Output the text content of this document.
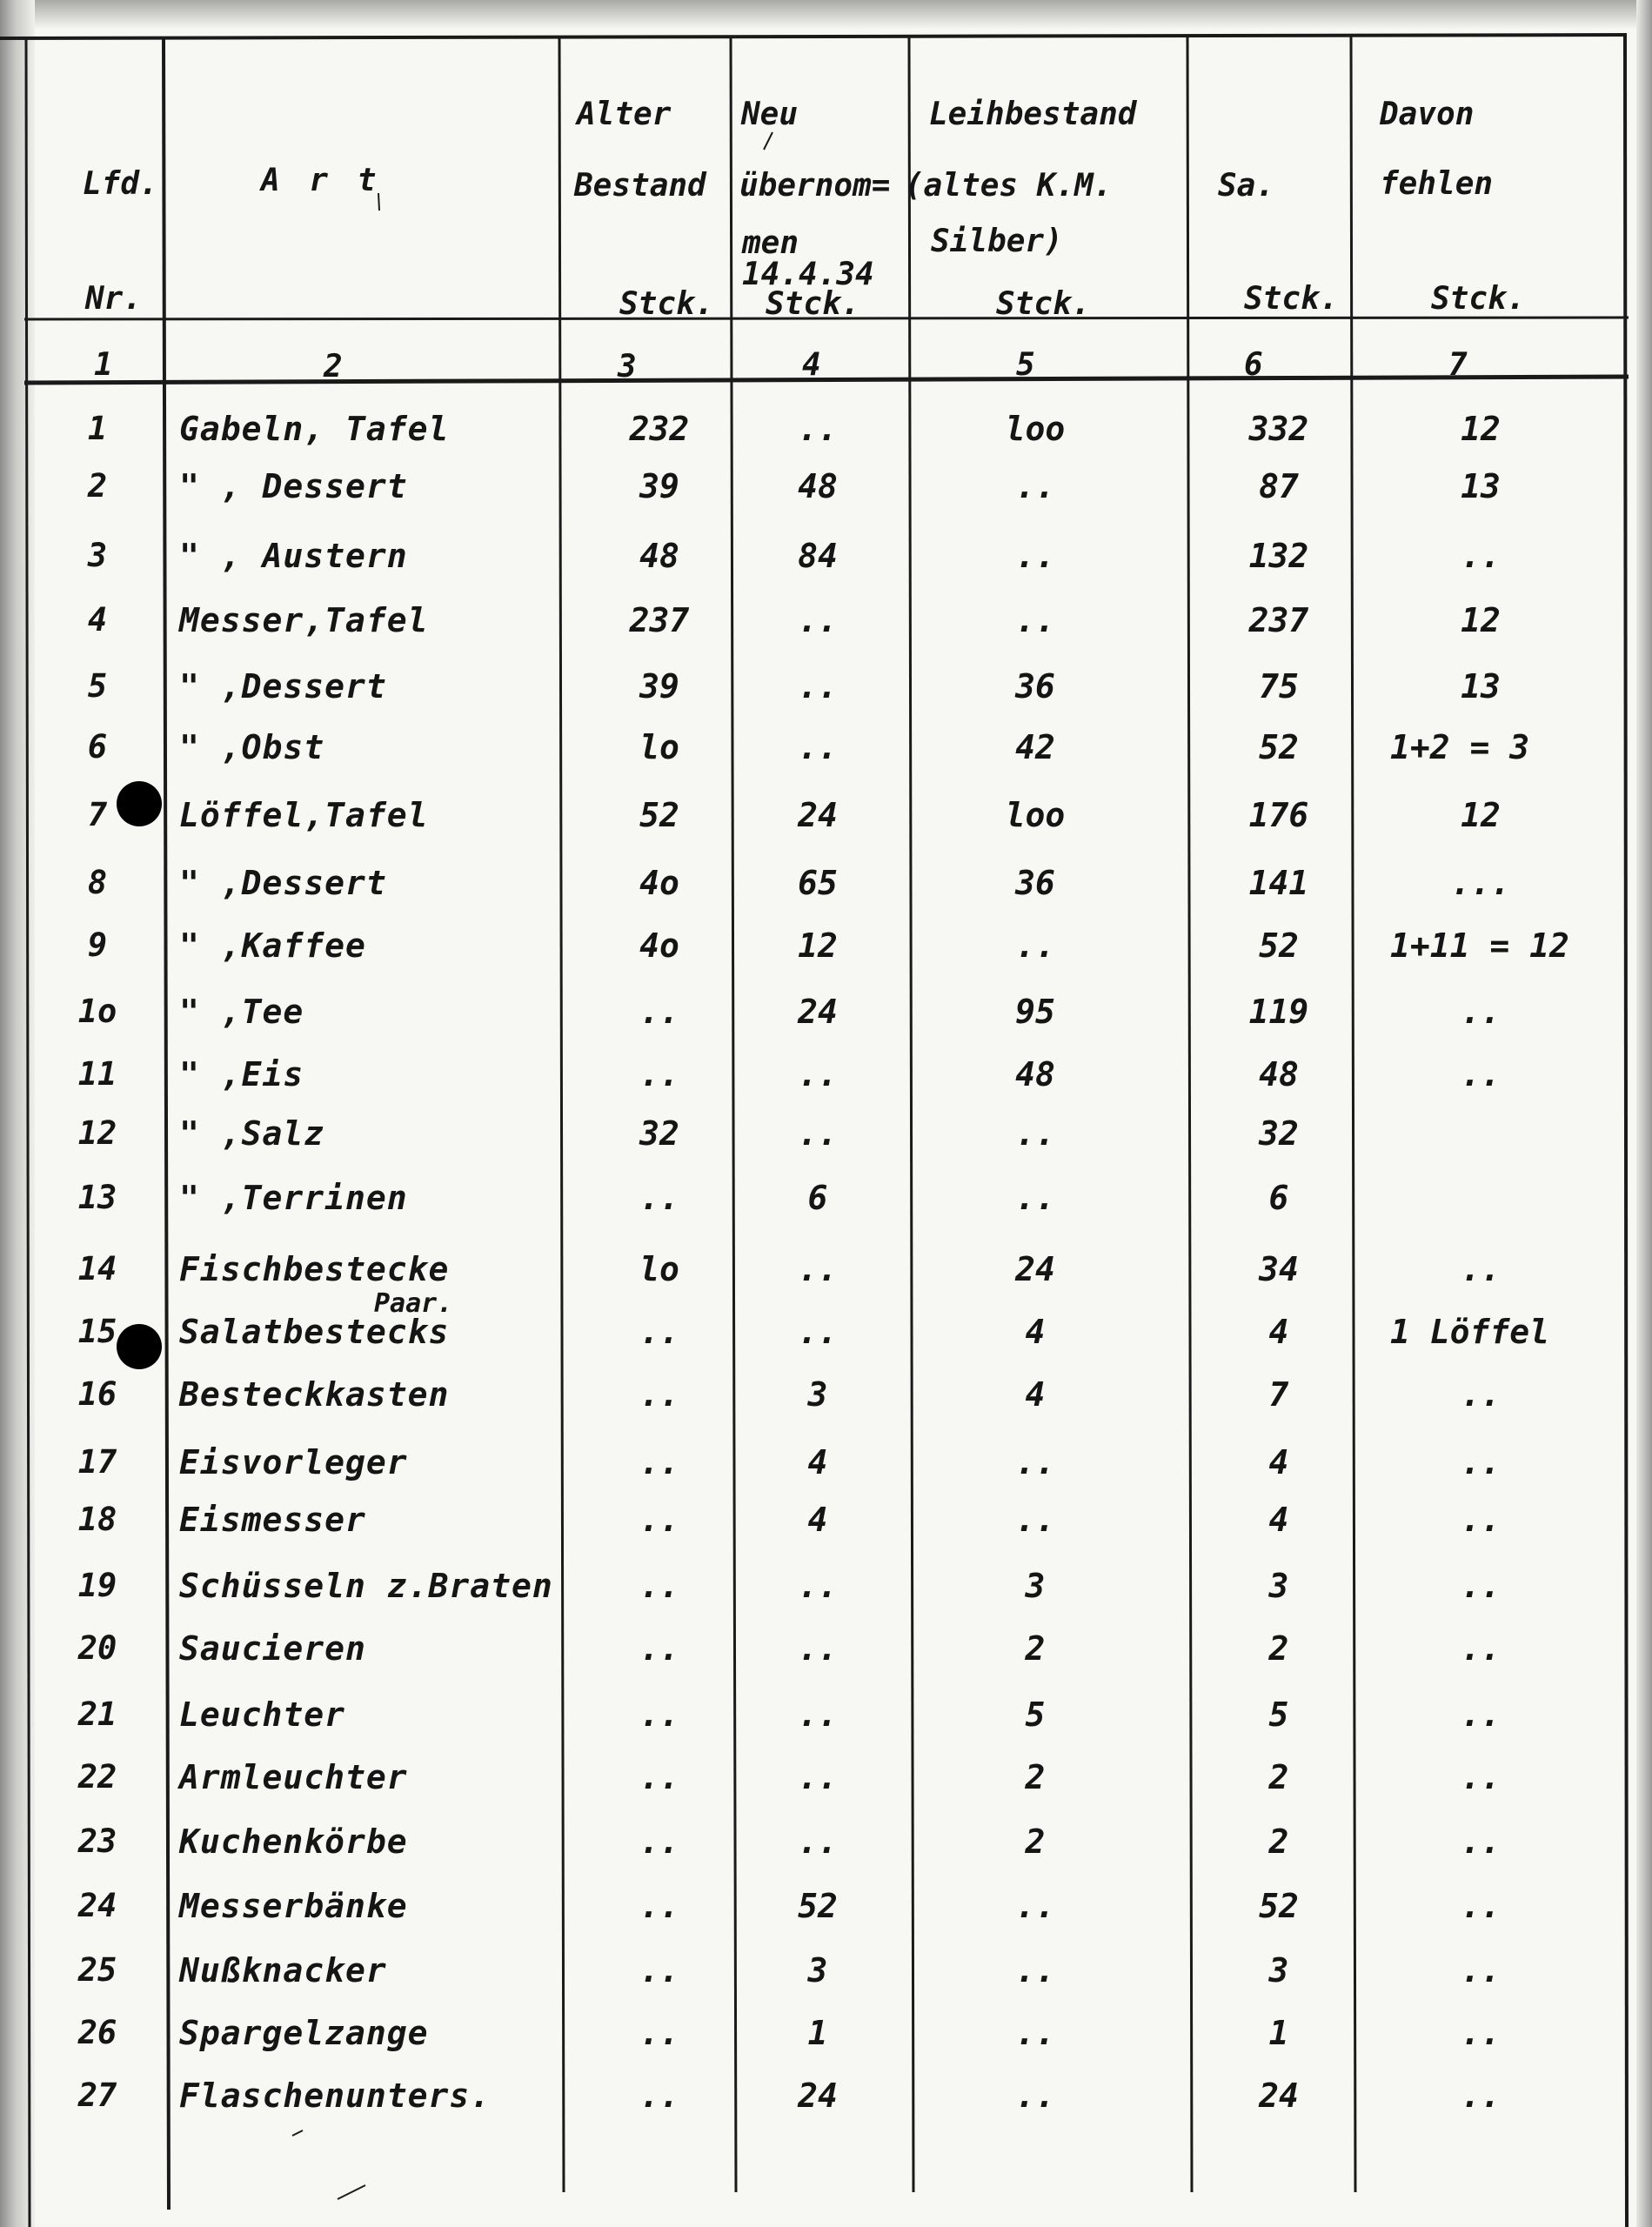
Lfd.
Nr.
A r t
Alter
Bestand
Stck.
Neu
übernom=
men
14.4.34
Stck.
Leihbestand
(altes K.M.
Silber)
Stck.
Sa.
Stck.
Davon
fehlen
Stck.
1	2	3	4	5	6	7
1	Gabeln, Tafel	232	..	loo	332	12
2	" , Dessert	39	48	..	87	13
3	" , Austern	48	84	..	132	..
4	Messer,Tafel	237	..	..	237	12
5	" ,Dessert	39	..	36	75	13
6	" ,Obst	lo	..	42	52	1+2 = 3
7	Löffel,Tafel	52	24	loo	176	12
8	" ,Dessert	4o	65	36	141	...
9	" ,Kaffee	4o	12	..	52	1+11 = 12
1o	" ,Tee	..	24	95	119	..
11	" ,Eis	..	..	48	48	..
12	" ,Salz	32	..	..	32
13	" ,Terrinen	..	6	..	6
14	Fischbestecke	lo	..	24	34	..
15	Salatbestecks	..	..	4	4	1 Löffel
16	Besteckkasten	..	3	4	7	..
17	Eisvorleger	..	4	..	4	..
18	Eismesser	..	4	..	4	..
19	Schüsseln z.Braten	..	..	3	3	..
20	Saucieren	..	..	2	2	..
21	Leuchter	..	..	5	5	..
22	Armleuchter	..	..	2	2	..
23	Kuchenkörbe	..	..	2	2	..
24	Messerbänke	..	52	..	52	..
25	Nußknacker	..	3	..	3	..
26	Spargelzange	..	1	..	1	..
27	Flaschenunters.	..	24	..	24	..
Paar.
